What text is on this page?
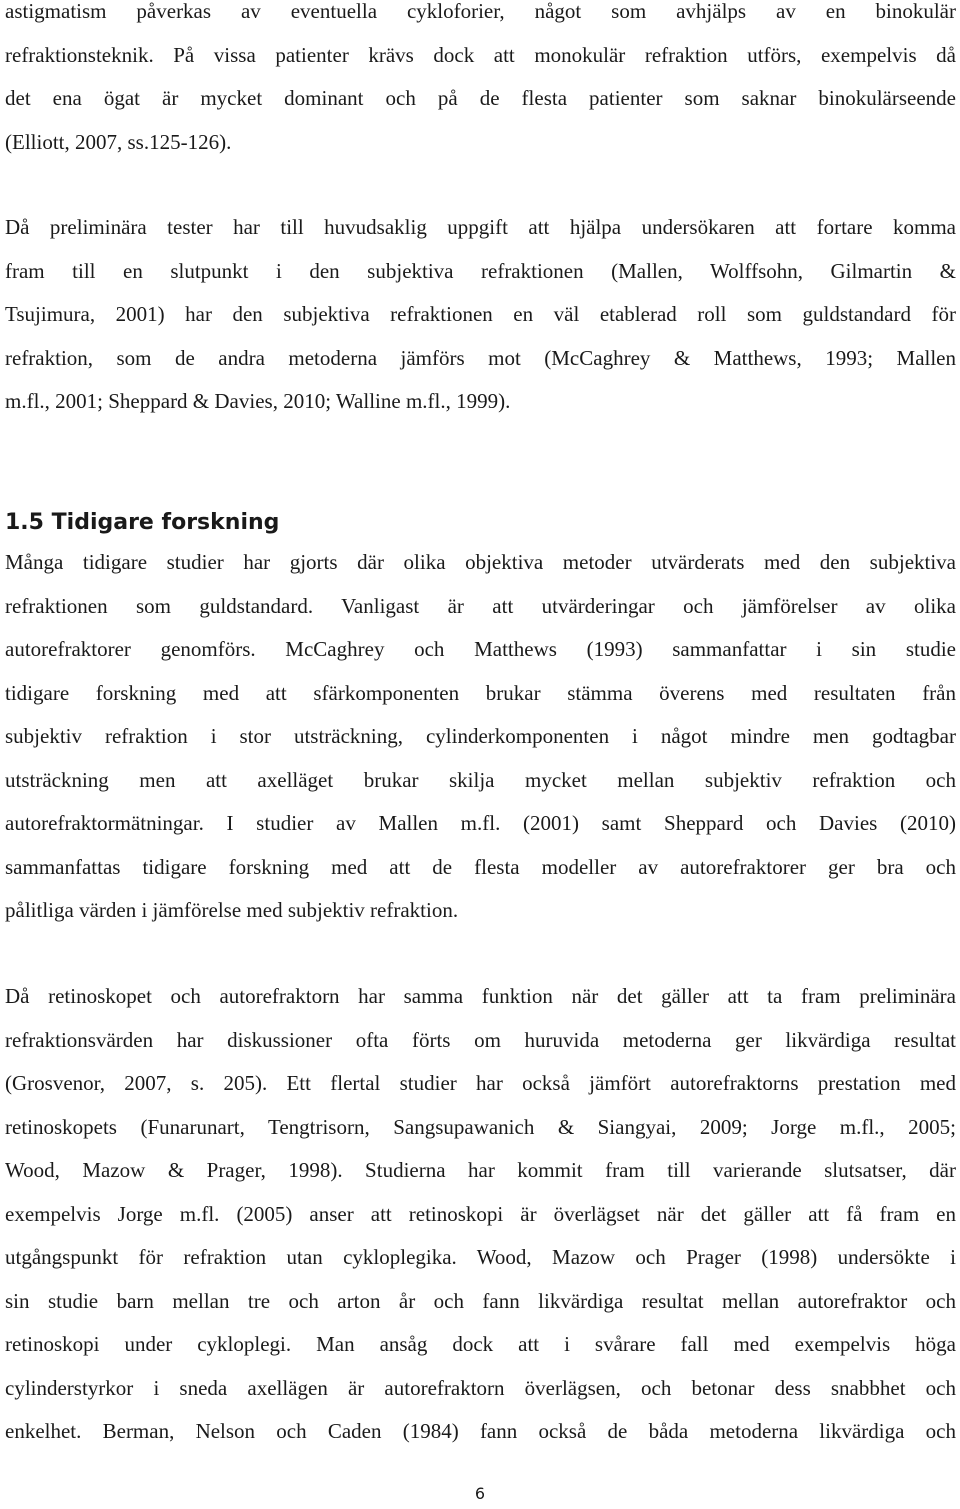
astigmatism påverkas av eventuella cykloforier, något som avhjälps av en binokulär
refraktionsteknik. På vissa patienter krävs dock att monokulär refraktion utförs, exempelvis då
det ena ögat är mycket dominant och på de flesta patienter som saknar binokulärseende
(Elliott, 2007, ss.125-126).
Då preliminära tester har till huvudsaklig uppgift att hjälpa undersökaren att fortare komma
fram till en slutpunkt i den subjektiva refraktionen (Mallen, Wolffsohn, Gilmartin &
Tsujimura, 2001) har den subjektiva refraktionen en väl etablerad roll som guldstandard för
refraktion, som de andra metoderna jämförs mot (McCaghrey & Matthews, 1993; Mallen
m.fl., 2001; Sheppard & Davies, 2010; Walline m.fl., 1999).
1.5 Tidigare forskning
Många tidigare studier har gjorts där olika objektiva metoder utvärderats med den subjektiva
refraktionen som guldstandard. Vanligast är att utvärderingar och jämförelser av olika
autorefraktorer genomförs. McCaghrey och Matthews (1993) sammanfattar i sin studie
tidigare forskning med att sfärkomponenten brukar stämma överens med resultaten från
subjektiv refraktion i stor utsträckning, cylinderkomponenten i något mindre men godtagbar
utsträckning men att axelläget brukar skilja mycket mellan subjektiv refraktion och
autorefraktormätningar. I studier av Mallen m.fl. (2001) samt Sheppard och Davies (2010)
sammanfattas tidigare forskning med att de flesta modeller av autorefraktorer ger bra och
pålitliga värden i jämförelse med subjektiv refraktion.
Då retinoskopet och autorefraktorn har samma funktion när det gäller att ta fram preliminära
refraktionsvärden har diskussioner ofta förts om huruvida metoderna ger likvärdiga resultat
(Grosvenor, 2007, s. 205). Ett flertal studier har också jämfört autorefraktorns prestation med
retinoskopets (Funarunart, Tengtrisorn, Sangsupawanich & Siangyai, 2009; Jorge m.fl., 2005;
Wood, Mazow & Prager, 1998). Studierna har kommit fram till varierande slutsatser, där
exempelvis Jorge m.fl. (2005) anser att retinoskopi är överlägset när det gäller att få fram en
utgångspunkt för refraktion utan cykloplegika. Wood, Mazow och Prager (1998) undersökte i
sin studie barn mellan tre och arton år och fann likvärdiga resultat mellan autorefraktor och
retinoskopi under cykloplegi. Man ansåg dock att i svårare fall med exempelvis höga
cylinderstyrkor i sneda axellägen är autorefraktorn överlägsen, och betonar dess snabbhet och
enkelhet. Berman, Nelson och Caden (1984) fann också de båda metoderna likvärdiga och
6
